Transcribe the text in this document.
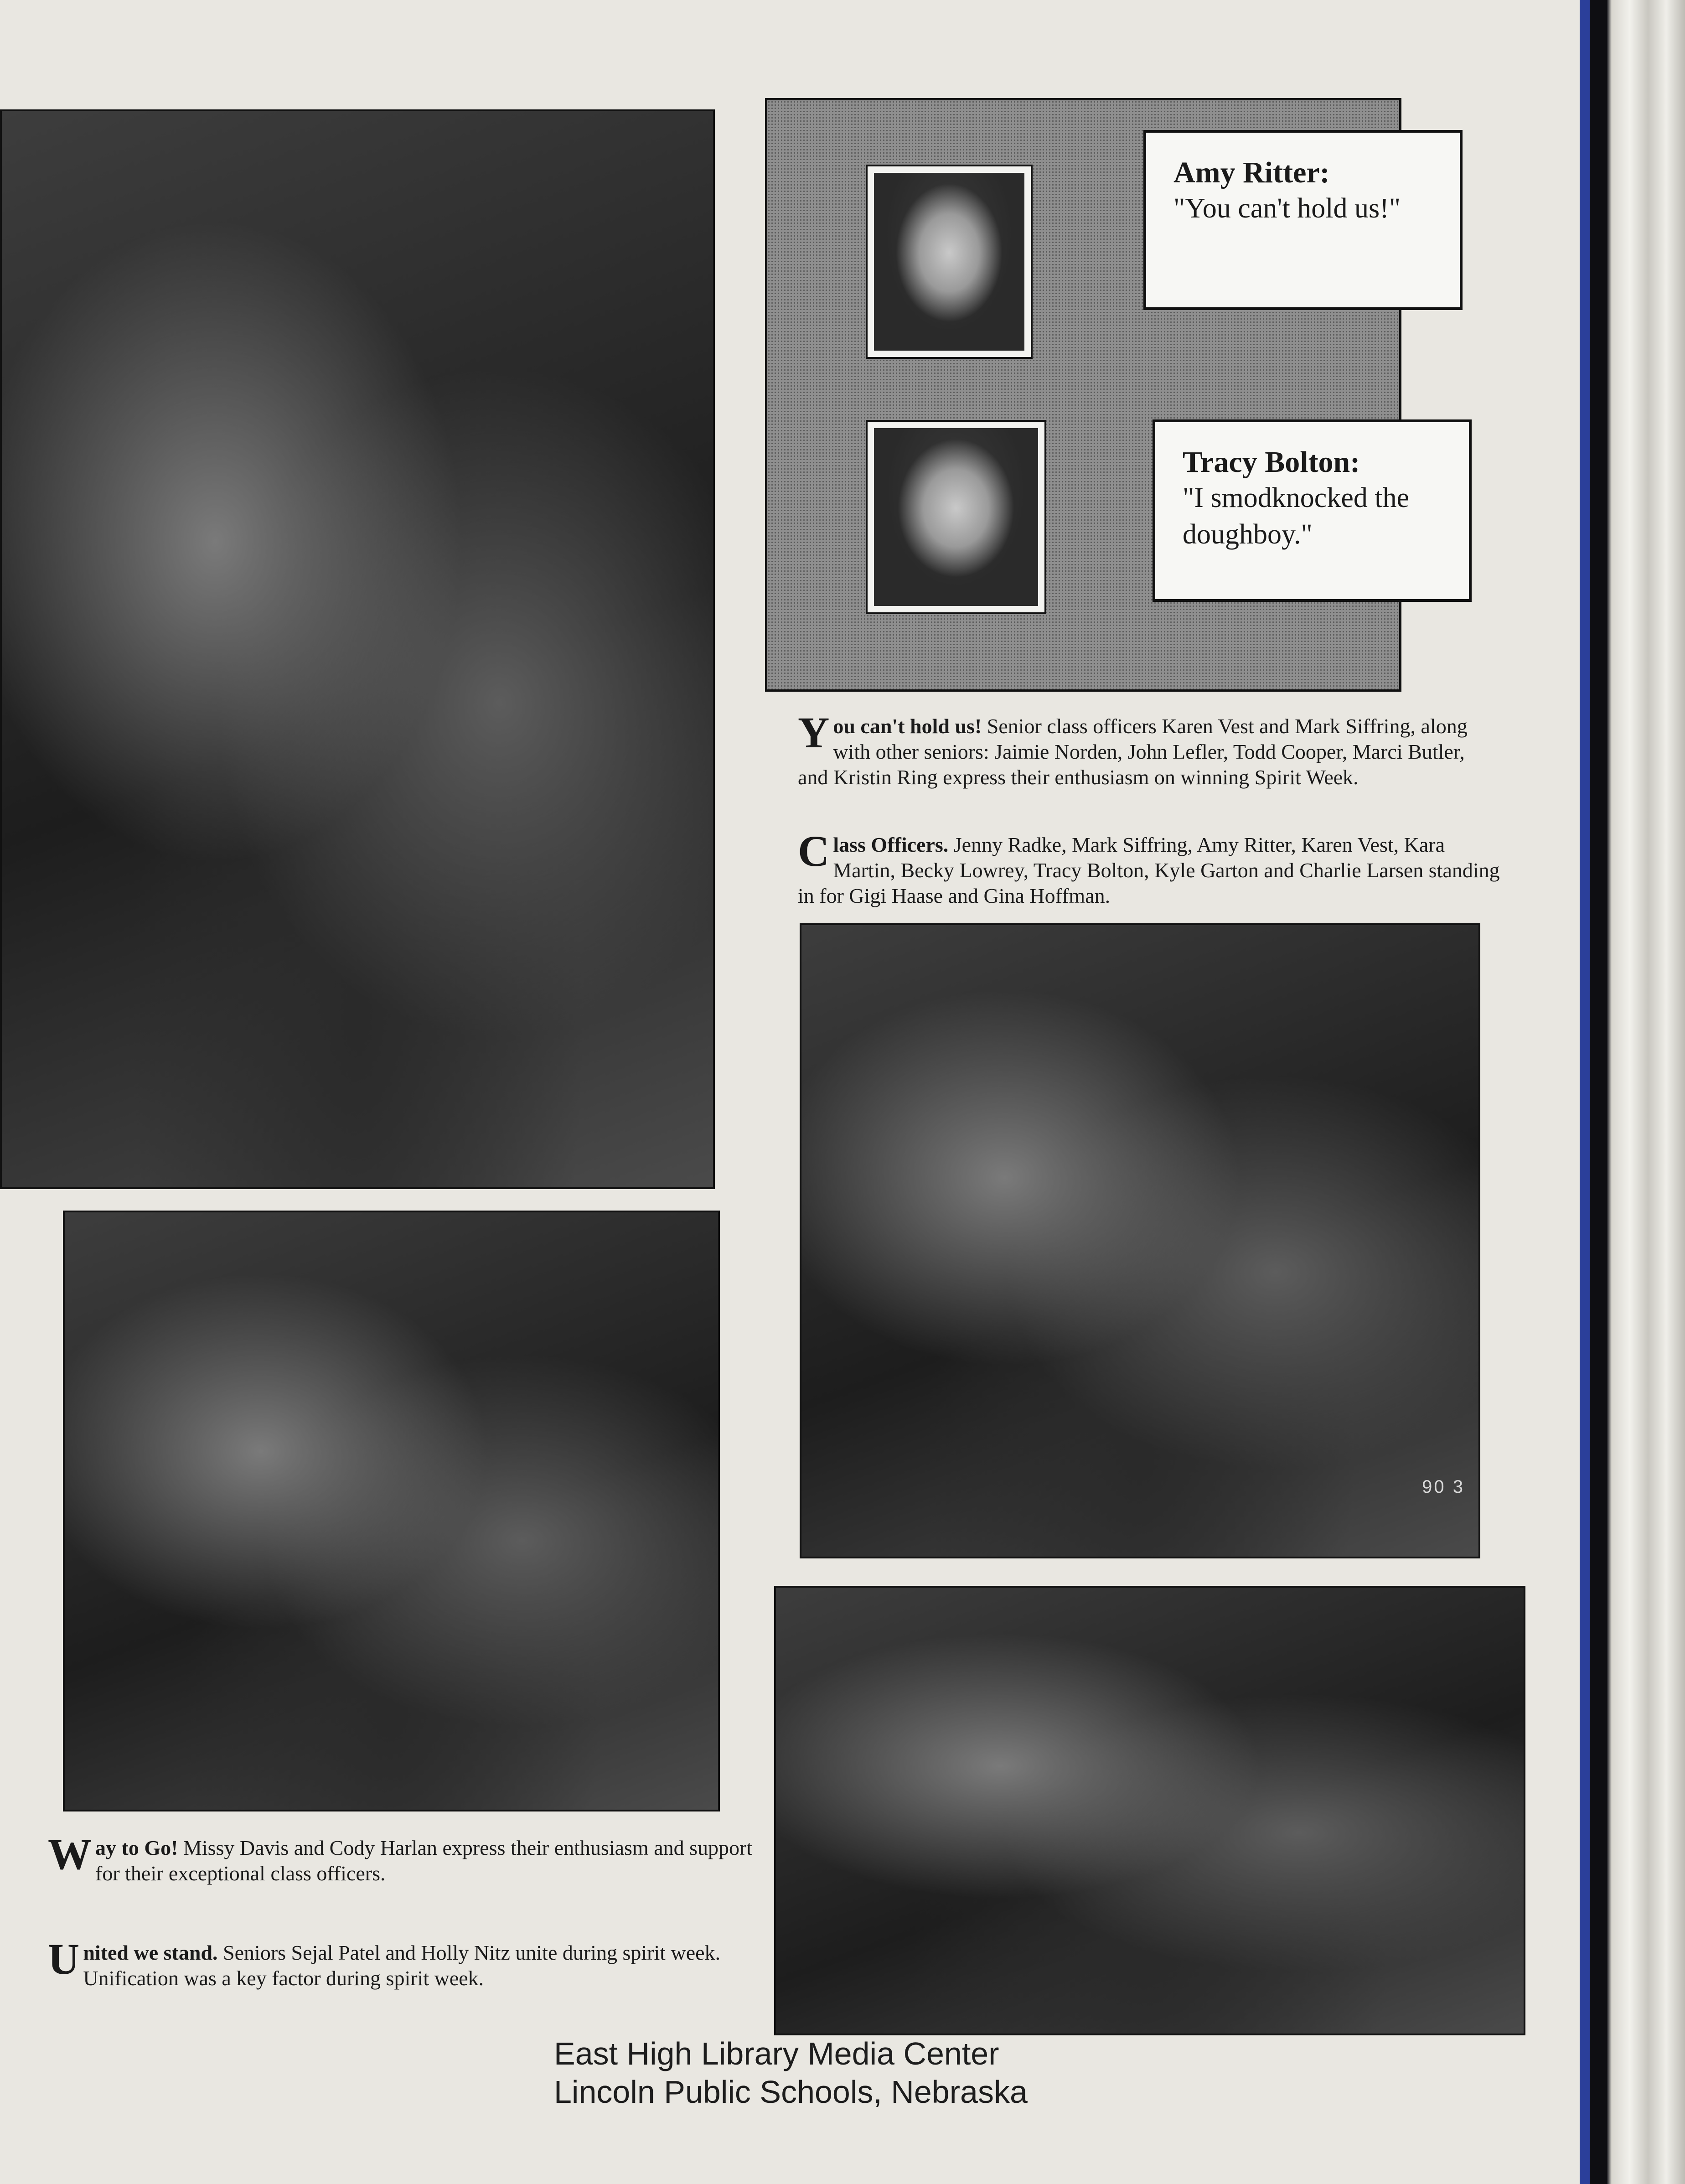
Amy Ritter:
"You can't hold us!"
Tracy Bolton:
"I smodknocked the doughboy."
Y ou can't hold us! Senior class officers Karen Vest and Mark Siffring, along with other seniors: Jaimie Norden, John Lefler, Todd Cooper, Marci Butler, and Kristin Ring express their enthusiasm on winning Spirit Week.
C lass Officers. Jenny Radke, Mark Siffring, Amy Ritter, Karen Vest, Kara Martin, Becky Lowrey, Tracy Bolton, Kyle Garton and Charlie Larsen standing in for Gigi Haase and Gina Hoffman.
90 3
W ay to Go! Missy Davis and Cody Harlan express their enthusiasm and support for their exceptional class officers.
U nited we stand. Seniors Sejal Patel and Holly Nitz unite during spirit week. Unification was a key factor during spirit week.
East High Library Media Center
Lincoln Public Schools, Nebraska
